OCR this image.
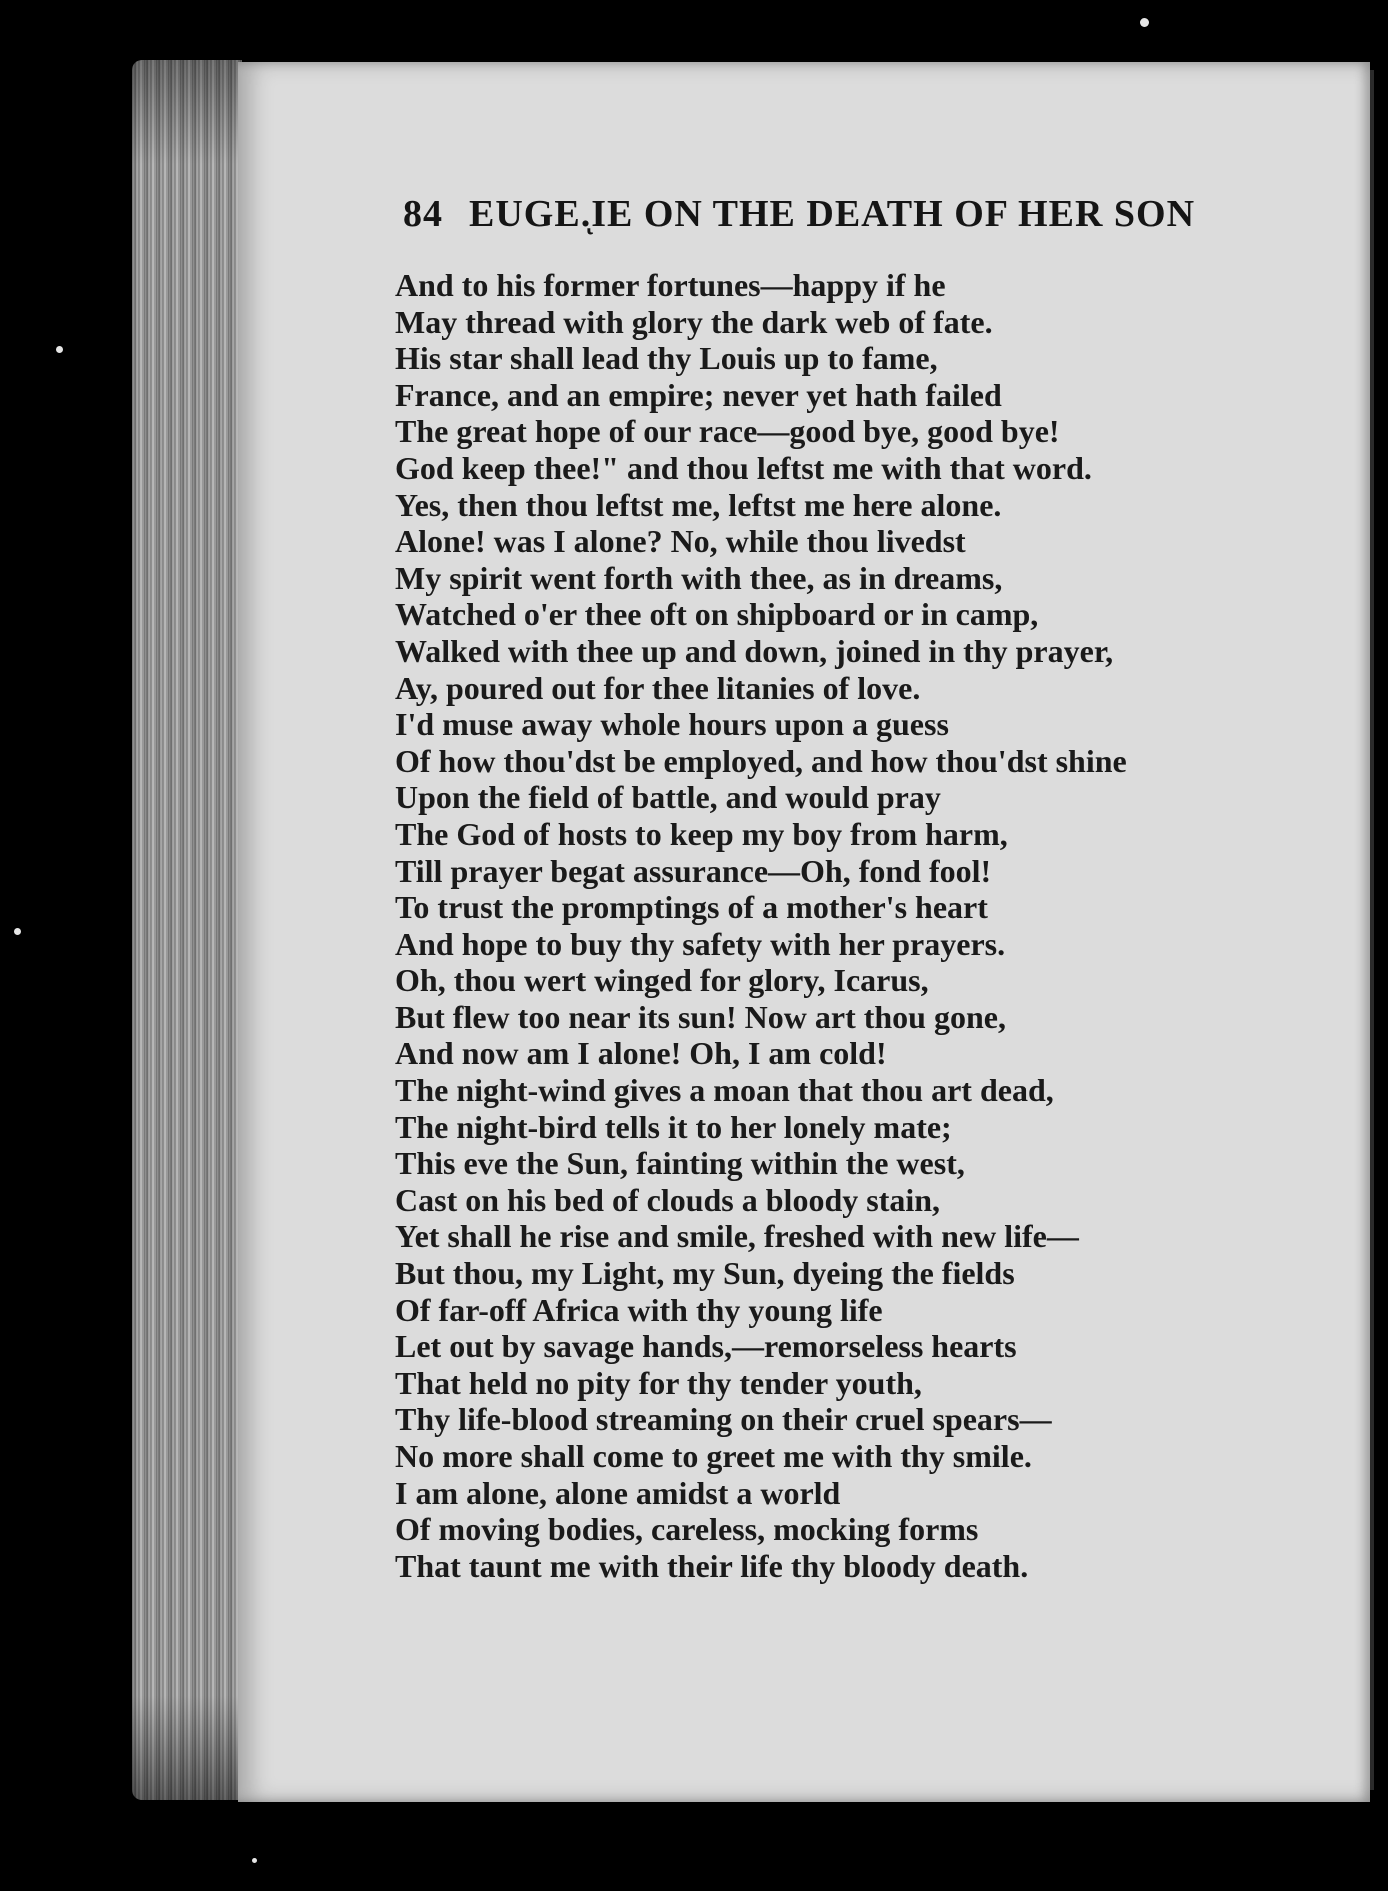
84 EUGE.ͅIE ON THE DEATH OF HER SON
And to his former fortunes—happy if he
May thread with glory the dark web of fate.
His star shall lead thy Louis up to fame,
France, and an empire; never yet hath failed
The great hope of our race—good bye, good bye!
God keep thee!" and thou leftst me with that word.
Yes, then thou leftst me, leftst me here alone.
Alone! was I alone? No, while thou livedst
My spirit went forth with thee, as in dreams,
Watched o'er thee oft on shipboard or in camp,
Walked with thee up and down, joined in thy prayer,
Ay, poured out for thee litanies of love.
I'd muse away whole hours upon a guess
Of how thou'dst be employed, and how thou'dst shine
Upon the field of battle, and would pray
The God of hosts to keep my boy from harm,
Till prayer begat assurance—Oh, fond fool!
To trust the promptings of a mother's heart
And hope to buy thy safety with her prayers.
Oh, thou wert winged for glory, Icarus,
But flew too near its sun! Now art thou gone,
And now am I alone! Oh, I am cold!
The night-wind gives a moan that thou art dead,
The night-bird tells it to her lonely mate;
This eve the Sun, fainting within the west,
Cast on his bed of clouds a bloody stain,
Yet shall he rise and smile, freshed with new life—
But thou, my Light, my Sun, dyeing the fields
Of far-off Africa with thy young life
Let out by savage hands,—remorseless hearts
That held no pity for thy tender youth,
Thy life-blood streaming on their cruel spears—
No more shall come to greet me with thy smile.
I am alone, alone amidst a world
Of moving bodies, careless, mocking forms
That taunt me with their life thy bloody death.
